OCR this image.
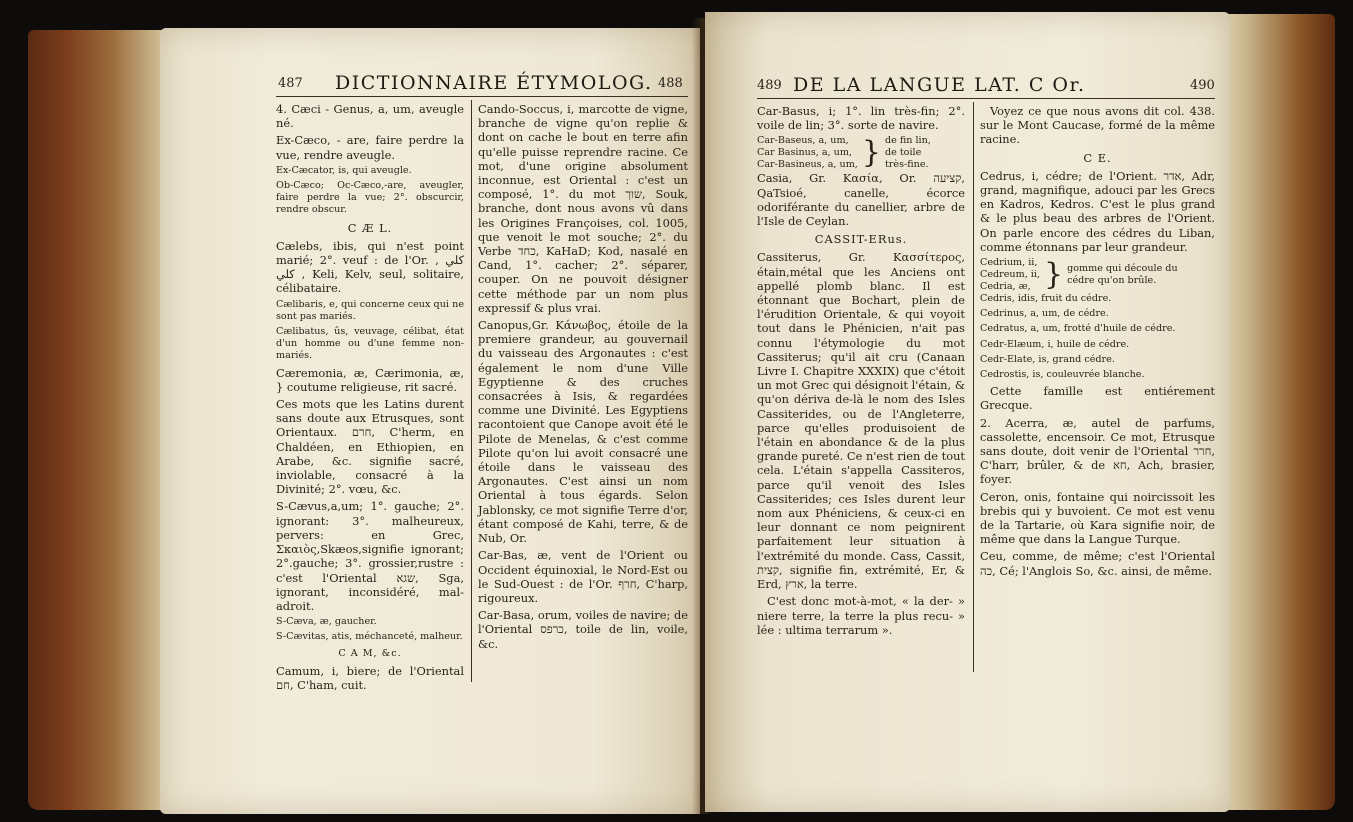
487 DICTIONNAIRE ÉTYMOLOG. 488

4. Cæci - Genus, a, um, aveugle né.

Ex-Cæco, - are, faire perdre la vue, rendre aveugle.

Ex-Cæcator, is, qui aveugle.

Ob-Cæco; Oc-Cæco,-are, aveugler, faire perdre la vue; 2°. obscurcir, rendre obscur.

C Æ L.

Cælebs, ibis, qui n'est point marié; 2°. veuf : de l'Or. كلي , كلي , Keli, Kelv, seul, solitaire, célibataire.

Cælibaris, e, qui concerne ceux qui ne sont pas mariés.

Cælibatus, ûs, veuvage, célibat, état d'un homme ou d'une femme non-mariés.

Cæremonia, æ, Cærimonia, æ, } coutume religieuse, rit sacré.

Ces mots que les Latins durent sans doute aux Etrusques, sont Orientaux. חרם, C'herm, en Chaldéen, en Ethiopien, en Arabe, &c. signifie sacré, inviolable, consacré à la Divinité; 2°. vœu, &c.

S-Cævus,a,um; 1°. gauche; 2°. ignorant: 3°. malheureux, pervers: en Grec, Σκαιὸς,Skæos,signifie ignorant; 2°.gauche; 3°. grossier,rustre : c'est l'Oriental שגא, Sga, ignorant, inconsidéré, mal-adroit.

S-Cæva, æ, gaucher.

S-Cævitas, atis, méchanceté, malheur.

C A M, &c.

Camum, i, biere; de l'Oriental חם, C'ham, cuit.

Cando-Soccus, i, marcotte de vigne, branche de vigne qu'on replie & dont on cache le bout en terre afin qu'elle puisse reprendre racine. Ce mot, d'une origine absolument inconnue, est Oriental : c'est un composé, 1°. du mot שוך, Souk, branche, dont nous avons vû dans les Origines Françoises, col. 1005, que venoit le mot souche; 2°. du Verbe כחד, KaHaD; Kod, nasalé en Cand, 1°. cacher; 2°. séparer, couper. On ne pouvoit désigner cette méthode par un nom plus expressif & plus vrai.

Canopus,Gr. Κάνωβος, étoile de la premiere grandeur, au gouvernail du vaisseau des Argonautes : c'est également le nom d'une Ville Egyptienne & des cruches consacrées à Isis, & regardées comme une Divinité. Les Egyptiens racontoient que Canope avoit été le Pilote de Menelas, & c'est comme Pilote qu'on lui avoit consacré une étoile dans le vaisseau des Argonautes. C'est ainsi un nom Oriental à tous égards. Selon Jablonsky, ce mot signifie Terre d'or, étant composé de Kahi, terre, & de Nub, Or.

Car-Bas, æ, vent de l'Orient ou Occident équinoxial, le Nord-Est ou le Sud-Ouest : de l'Or. חרף, C'harp, rigoureux.

Car-Basa, orum, voiles de navire; de l'Oriental כרפס, toile de lin, voile, &c.

489 DE LA LANGUE LAT. C Or.	490

Car-Basus, i; 1°. lin très-fin; 2°. voile de lin; 3°. sorte de navire.

Car-Baseus, a, um,
Car Basinus, a, um,
Car-Basineus, a, um, } de fin lin,
de toile
très-fine.

Casia, Gr. Κασία, Or. קציעה, QaTsioé, canelle, écorce odoriférante du canellier, arbre de l'Isle de Ceylan.

CASSIT-ERus.

Cassiterus, Gr. Κασσίτερος, étain,métal que les Anciens ont appellé plomb blanc. Il est étonnant que Bochart, plein de l'érudition Orientale, & qui voyoit tout dans le Phénicien, n'ait pas connu l'étymologie du mot Cassiterus; qu'il ait cru (Canaan Livre I. Chapitre XXXIX) que c'étoit un mot Grec qui désignoit l'étain, & qu'on dériva de-là le nom des Isles Cassiterides, ou de l'Angleterre, parce qu'elles produisoient de l'étain en abondance & de la plus grande pureté. Ce n'est rien de tout cela. L'étain s'appella Cassiteros, parce qu'il venoit des Isles Cassiterides; ces Isles durent leur nom aux Phéniciens, & ceux-ci en leur donnant ce nom peignirent parfaitement leur situation à l'extrémité du monde. Cass, Cassit, קצית, signifie fin, extrémité, Er, & Erd, ארץ, la terre.

C'est donc mot-à-mot, « la der- » niere terre, la terre la plus recu- » lée : ultima terrarum ».

Voyez ce que nous avons dit col. 438. sur le Mont Caucase, formé de la même racine.

C E.

Cedrus, i, cédre; de l'Orient. אדר, Adr, grand, magnifique, adouci par les Grecs en Kadros, Kedros. C'est le plus grand & le plus beau des arbres de l'Orient. On parle encore des cédres du Liban, comme étonnans par leur grandeur.

Cedrium, ii,
Cedreum, ii,
Cedria, æ, } gomme qui découle du
cédre qu'on brûle.

Cedris, idis, fruit du cédre.

Cedrinus, a, um, de cédre.

Cedratus, a, um, frotté d'huile de cédre.

Cedr-Elæum, i, huile de cédre.

Cedr-Elate, is, grand cédre.

Cedrostis, is, couleuvrée blanche.

Cette famille est entiérement Grecque.

2. Acerra, æ, autel de parfums, cassolette, encensoir. Ce mot, Etrusque sans doute, doit venir de l'Oriental חרר, C'harr, brûler, & de חא, Ach, brasier, foyer.

Ceron, onis, fontaine qui noircissoit les brebis qui y buvoient. Ce mot est venu de la Tartarie, où Kara signifie noir, de même que dans la Langue Turque.

Ceu, comme, de même; c'est l'Oriental כה, Cé; l'Anglois So, &c. ainsi, de même.
